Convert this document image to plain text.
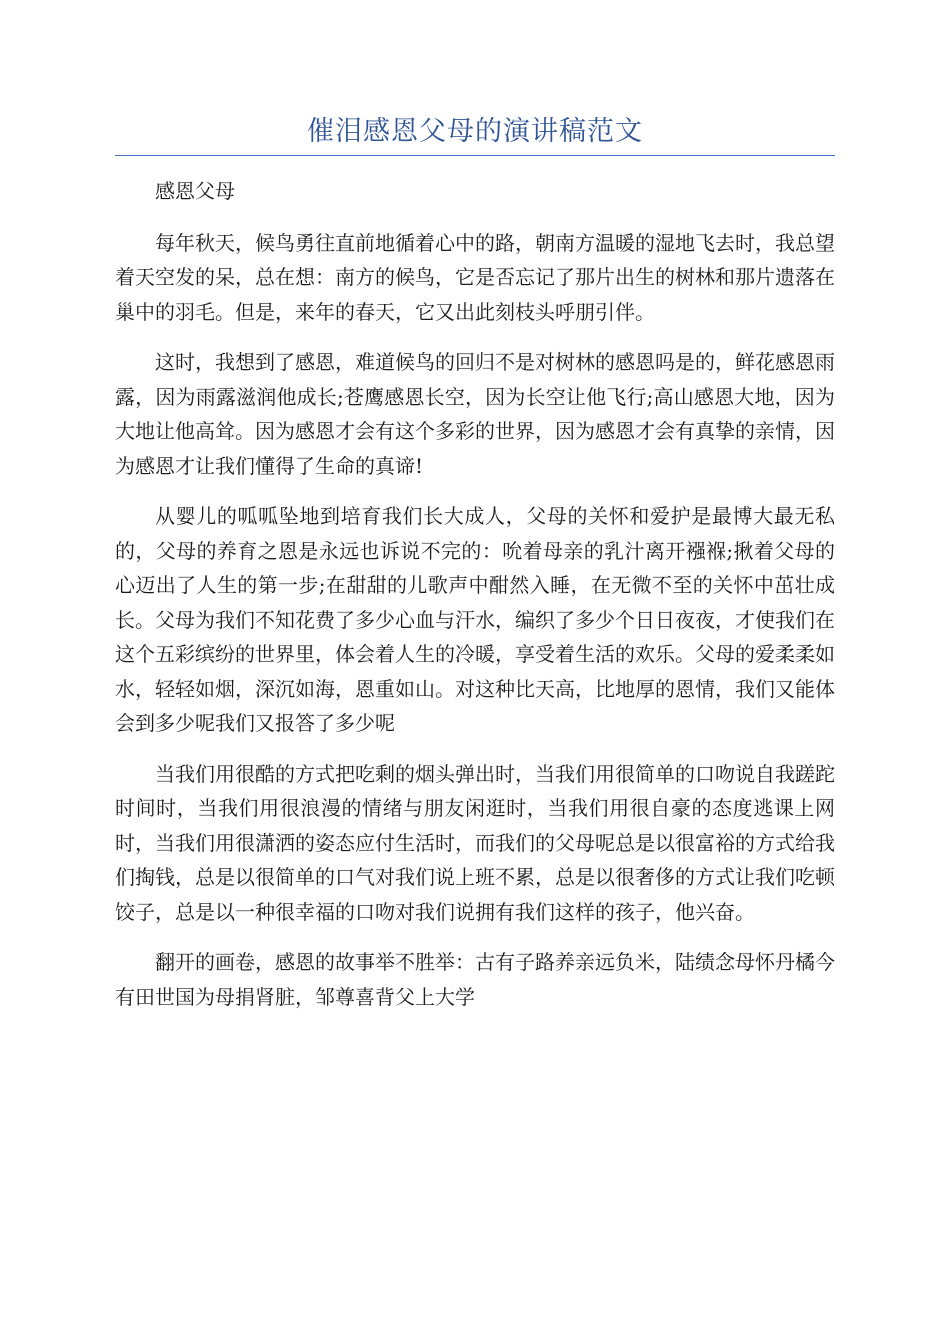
催泪感恩父母的演讲稿范文

感恩父母

每年秋天，候鸟勇往直前地循着心中的路，朝南方温暖的湿地飞去时，我总望着天空发的呆，总在想：南方的候鸟，它是否忘记了那片出生的树林和那片遗落在巢中的羽毛。但是，来年的春天，它又出此刻枝头呼朋引伴。

这时，我想到了感恩，难道候鸟的回归不是对树林的感恩吗是的，鲜花感恩雨露，因为雨露滋润他成长;苍鹰感恩长空，因为长空让他飞行;高山感恩大地，因为大地让他高耸。因为感恩才会有这个多彩的世界，因为感恩才会有真挚的亲情，因为感恩才让我们懂得了生命的真谛!

从婴儿的呱呱坠地到培育我们长大成人，父母的关怀和爱护是最博大最无私的，父母的养育之恩是永远也诉说不完的：吮着母亲的乳汁离开襁褓;揪着父母的心迈出了人生的第一步;在甜甜的儿歌声中酣然入睡，在无微不至的关怀中茁壮成长。父母为我们不知花费了多少心血与汗水，编织了多少个日日夜夜，才使我们在这个五彩缤纷的世界里，体会着人生的冷暖，享受着生活的欢乐。父母的爱柔柔如水，轻轻如烟，深沉如海，恩重如山。对这种比天高，比地厚的恩情，我们又能体会到多少呢我们又报答了多少呢

当我们用很酷的方式把吃剩的烟头弹出时，当我们用很简单的口吻说自我蹉跎时间时，当我们用很浪漫的情绪与朋友闲逛时，当我们用很自豪的态度逃课上网时，当我们用很潇洒的姿态应付生活时，而我们的父母呢总是以很富裕的方式给我们掏钱，总是以很简单的口气对我们说上班不累，总是以很奢侈的方式让我们吃顿饺子，总是以一种很幸福的口吻对我们说拥有我们这样的孩子，他兴奋。

翻开的画卷，感恩的故事举不胜举：古有子路养亲远负米，陆绩念母怀丹橘今有田世国为母捐肾脏，邹尊喜背父上大学
